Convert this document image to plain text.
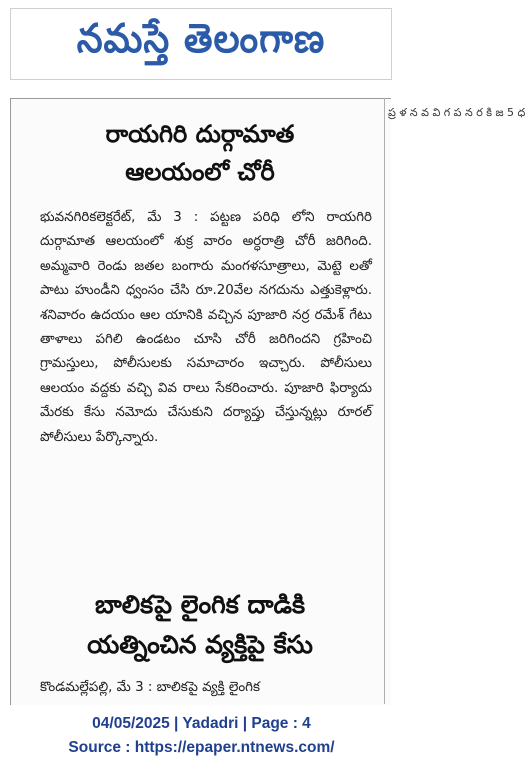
నమస్తే తెలంగాణ
ప్ర ళ న వ వి గ ప న ర కి జ 5 ధ
రాయగిరి దుర్గామాత
ఆలయంలో చోరీ
భువనగిరికలెక్టరేట్, మే 3 : పట్టణ పరిధి లోని రాయగిరి దుర్గామాత ఆలయంలో శుక్ర వారం అర్ధరాత్రి చోరీ జరిగింది. అమ్మవారి రెండు జతల బంగారు మంగళసూత్రాలు, మెట్టె లతో పాటు హుండీని ధ్వంసం చేసి రూ.20వేల నగదును ఎత్తుకెళ్లారు. శనివారం ఉదయం ఆల యానికి వచ్చిన పూజారి నర్ర రమేశ్ గేటు తాళాలు పగిలి ఉండటం చూసి చోరీ జరిగిందని గ్రహించి గ్రామస్తులు, పోలీసులకు సమాచారం ఇచ్చారు. పోలీసులు ఆలయం వద్దకు వచ్చి వివ రాలు సేకరించారు. పూజారి ఫిర్యాదు మేరకు కేసు నమోదు చేసుకుని దర్యాప్తు చేస్తున్నట్లు రూరల్ పోలీసులు పేర్కొన్నారు.
బాలికపై లైంగిక దాడికి
యత్నించిన వ్యక్తిపై కేసు
కొండమల్లేపల్లి, మే 3 : బాలికపై వ్యక్తి లైంగిక
04/05/2025 | Yadadri | Page : 4
Source : https://epaper.ntnews.com/
